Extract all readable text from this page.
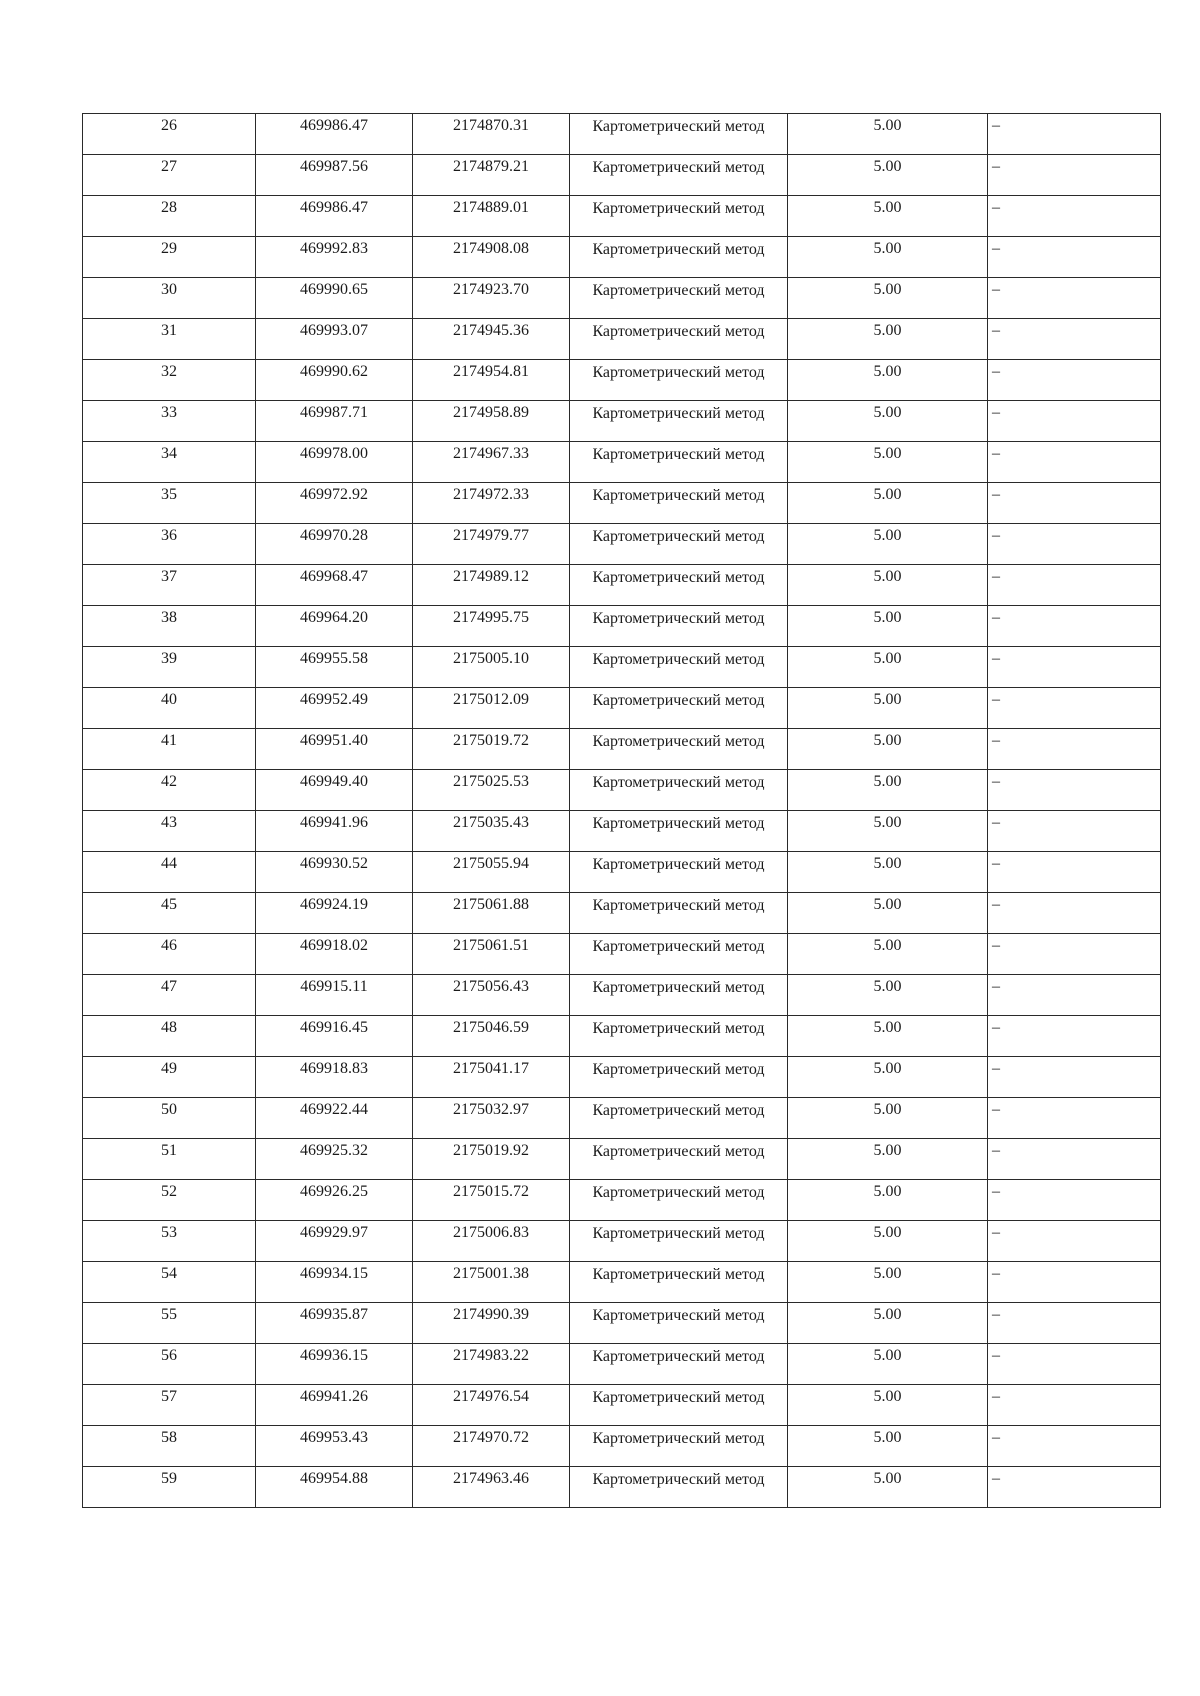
26	469986.47	2174870.31	Картометрический метод	5.00	–
27	469987.56	2174879.21	Картометрический метод	5.00	–
28	469986.47	2174889.01	Картометрический метод	5.00	–
29	469992.83	2174908.08	Картометрический метод	5.00	–
30	469990.65	2174923.70	Картометрический метод	5.00	–
31	469993.07	2174945.36	Картометрический метод	5.00	–
32	469990.62	2174954.81	Картометрический метод	5.00	–
33	469987.71	2174958.89	Картометрический метод	5.00	–
34	469978.00	2174967.33	Картометрический метод	5.00	–
35	469972.92	2174972.33	Картометрический метод	5.00	–
36	469970.28	2174979.77	Картометрический метод	5.00	–
37	469968.47	2174989.12	Картометрический метод	5.00	–
38	469964.20	2174995.75	Картометрический метод	5.00	–
39	469955.58	2175005.10	Картометрический метод	5.00	–
40	469952.49	2175012.09	Картометрический метод	5.00	–
41	469951.40	2175019.72	Картометрический метод	5.00	–
42	469949.40	2175025.53	Картометрический метод	5.00	–
43	469941.96	2175035.43	Картометрический метод	5.00	–
44	469930.52	2175055.94	Картометрический метод	5.00	–
45	469924.19	2175061.88	Картометрический метод	5.00	–
46	469918.02	2175061.51	Картометрический метод	5.00	–
47	469915.11	2175056.43	Картометрический метод	5.00	–
48	469916.45	2175046.59	Картометрический метод	5.00	–
49	469918.83	2175041.17	Картометрический метод	5.00	–
50	469922.44	2175032.97	Картометрический метод	5.00	–
51	469925.32	2175019.92	Картометрический метод	5.00	–
52	469926.25	2175015.72	Картометрический метод	5.00	–
53	469929.97	2175006.83	Картометрический метод	5.00	–
54	469934.15	2175001.38	Картометрический метод	5.00	–
55	469935.87	2174990.39	Картометрический метод	5.00	–
56	469936.15	2174983.22	Картометрический метод	5.00	–
57	469941.26	2174976.54	Картометрический метод	5.00	–
58	469953.43	2174970.72	Картометрический метод	5.00	–
59	469954.88	2174963.46	Картометрический метод	5.00	–
